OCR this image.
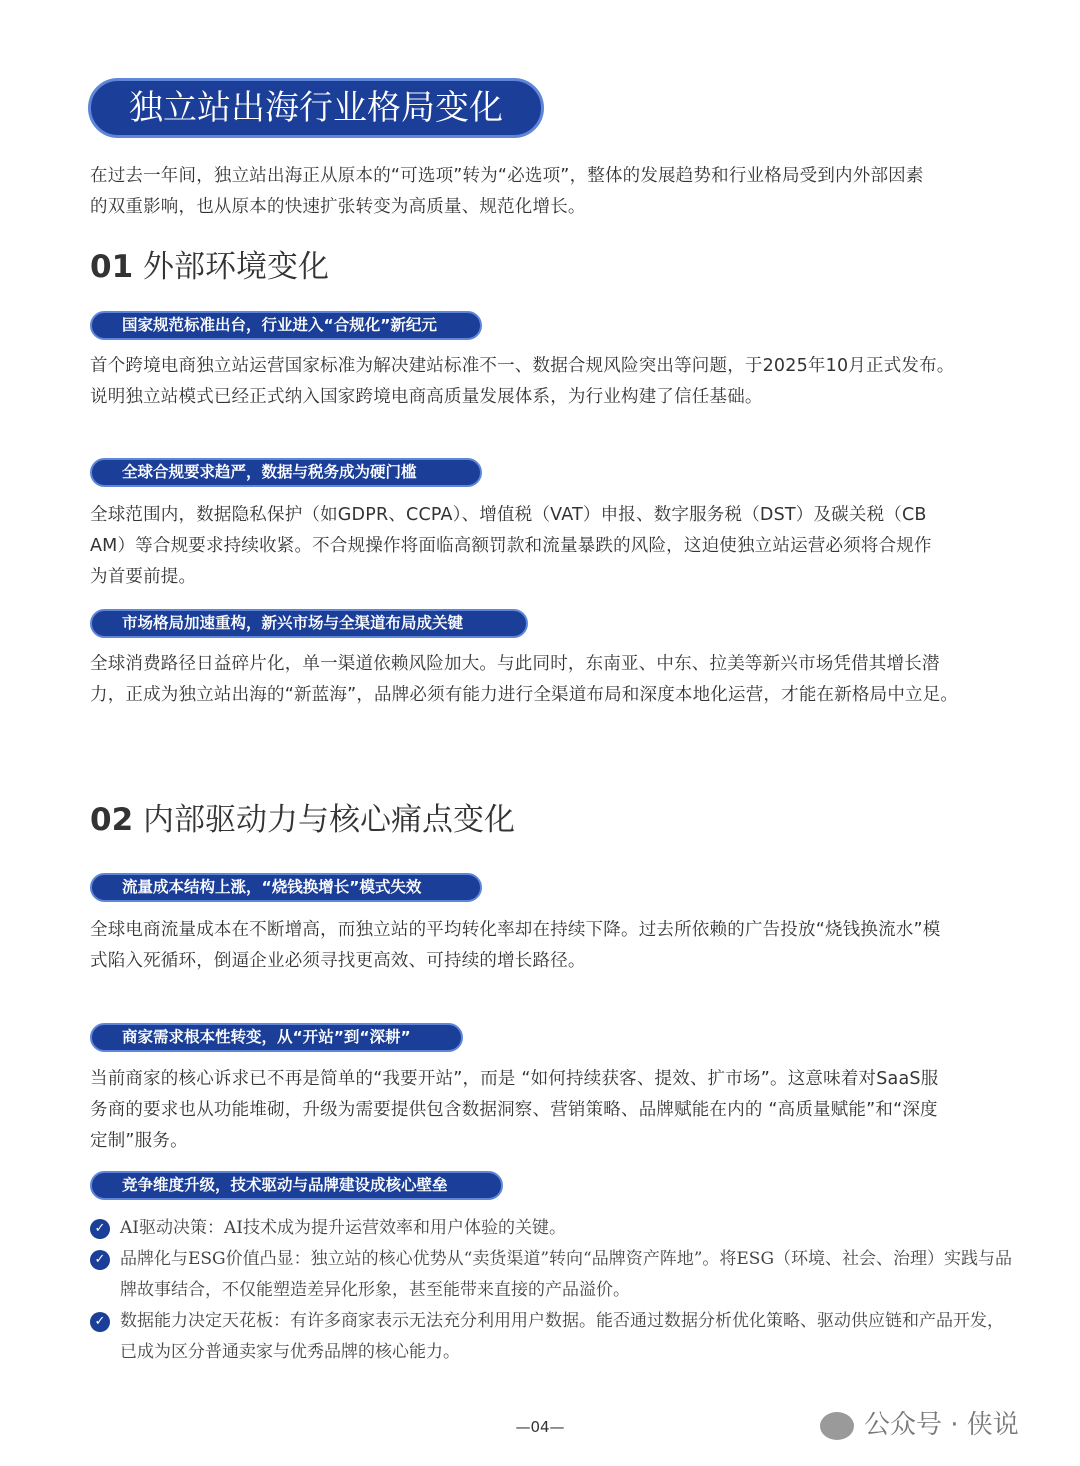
独立站出海行业格局变化
在过去一年间，独立站出海正从原本的“可选项”转为“必选项”，整体的发展趋势和行业格局受到内外部因素
的双重影响，也从原本的快速扩张转变为高质量、规范化增长。
01 外部环境变化
国家规范标准出台，行业进入“合规化”新纪元
首个跨境电商独立站运营国家标准为解决建站标准不一、数据合规风险突出等问题，于2025年10月正式发布。
说明独立站模式已经正式纳入国家跨境电商高质量发展体系，为行业构建了信任基础。
全球合规要求趋严，数据与税务成为硬门槛
全球范围内，数据隐私保护（如GDPR、CCPA）、增值税（VAT）申报、数字服务税（DST）及碳关税（CB
AM）等合规要求持续收紧。不合规操作将面临高额罚款和流量暴跌的风险，这迫使独立站运营必须将合规作
为首要前提。
市场格局加速重构，新兴市场与全渠道布局成关键
全球消费路径日益碎片化，单一渠道依赖风险加大。与此同时，东南亚、中东、拉美等新兴市场凭借其增长潜
力，正成为独立站出海的“新蓝海”，品牌必须有能力进行全渠道布局和深度本地化运营，才能在新格局中立足。
02 内部驱动力与核心痛点变化
流量成本结构上涨，“烧钱换增长”模式失效
全球电商流量成本在不断增高，而独立站的平均转化率却在持续下降。过去所依赖的广告投放“烧钱换流水”模
式陷入死循环，倒逼企业必须寻找更高效、可持续的增长路径。
商家需求根本性转变，从“开站”到“深耕”
当前商家的核心诉求已不再是简单的“我要开站”，而是 “如何持续获客、提效、扩市场”。这意味着对SaaS服
务商的要求也从功能堆砌，升级为需要提供包含数据洞察、营销策略、品牌赋能在内的 “高质量赋能”和“深度
定制”服务。
竞争维度升级，技术驱动与品牌建设成核心壁垒
✓ AI驱动决策：AI技术成为提升运营效率和用户体验的关键。
✓ 品牌化与ESG价值凸显：独立站的核心优势从“卖货渠道”转向“品牌资产阵地”。将ESG（环境、社会、治理）实践与品牌故事结合，不仅能塑造差异化形象，甚至能带来直接的产品溢价。
✓ 数据能力决定天花板：有许多商家表示无法充分利用用户数据。能否通过数据分析优化策略、驱动供应链和产品开发，已成为区分普通卖家与优秀品牌的核心能力。
—04—	公众号 · 侠说
